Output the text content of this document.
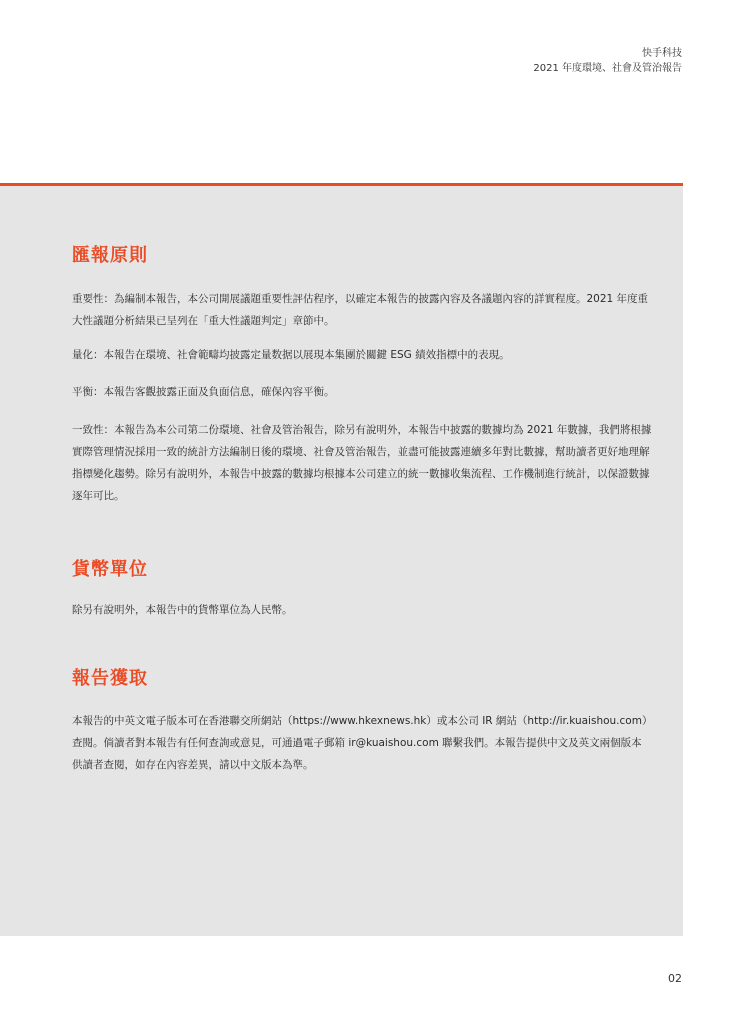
快手科技
2021 年度環境、社會及管治報告
匯報原則

重要性：為編制本報告，本公司開展議題重要性評估程序，以確定本報告的披露內容及各議題內容的詳實程度。2021 年度重大性議題分析結果已呈列在「重大性議題判定」章節中。

量化：本報告在環境、社會範疇均披露定量数据以展現本集團於關鍵 ESG 績效指標中的表現。

平衡：本報告客觀披露正面及負面信息，確保內容平衡。

一致性：本報告為本公司第二份環境、社會及管治報告，除另有說明外，本報告中披露的數據均為 2021 年數據，我們將根據實際管理情況採用一致的統計方法編制日後的環境、社會及管治報告，並盡可能披露連續多年對比數據，幫助讀者更好地理解指標變化趨勢。除另有說明外，本報告中披露的數據均根據本公司建立的統一數據收集流程、工作機制進行統計，以保證數據逐年可比。

貨幣單位

除另有說明外，本報告中的貨幣單位為人民幣。

報告獲取

本報告的中英文電子版本可在香港聯交所網站（https://www.hkexnews.hk）或本公司 IR 網站（http://ir.kuaishou.com）查閱。倘讀者對本報告有任何查詢或意見，可通過電子郵箱 ir@kuaishou.com 聯繫我們。本報告提供中文及英文兩個版本供讀者查閱，如存在內容差異，請以中文版本為準。

02
